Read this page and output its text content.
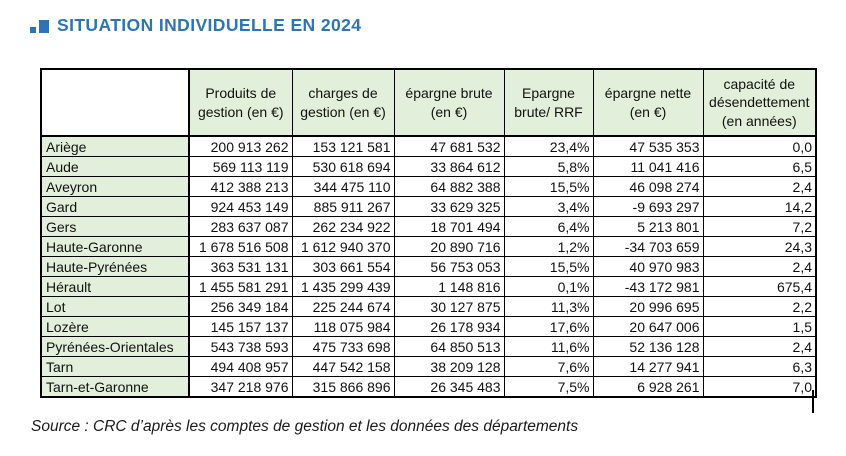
SITUATION INDIVIDUELLE EN 2024
	Produits de gestion (en €)	charges de gestion (en €)	épargne brute (en €)	Epargne brute/ RRF	épargne nette (en €)	capacité de désendettement (en années)
Ariège	200 913 262	153 121 581	47 681 532	23,4%	47 535 353	0,0
Aude	569 113 119	530 618 694	33 864 612	5,8%	11 041 416	6,5
Aveyron	412 388 213	344 475 110	64 882 388	15,5%	46 098 274	2,4
Gard	924 453 149	885 911 267	33 629 325	3,4%	-9 693 297	14,2
Gers	283 637 087	262 234 922	18 701 494	6,4%	5 213 801	7,2
Haute-Garonne	1 678 516 508	1 612 940 370	20 890 716	1,2%	-34 703 659	24,3
Haute-Pyrénées	363 531 131	303 661 554	56 753 053	15,5%	40 970 983	2,4
Hérault	1 455 581 291	1 435 299 439	1 148 816	0,1%	-43 172 981	675,4
Lot	256 349 184	225 244 674	30 127 875	11,3%	20 996 695	2,2
Lozère	145 157 137	118 075 984	26 178 934	17,6%	20 647 006	1,5
Pyrénées-Orientales	543 738 593	475 733 698	64 850 513	11,6%	52 136 128	2,4
Tarn	494 408 957	447 542 158	38 209 128	7,6%	14 277 941	6,3
Tarn-et-Garonne	347 218 976	315 866 896	26 345 483	7,5%	6 928 261	7,0
Source : CRC d’après les comptes de gestion et les données des départements
